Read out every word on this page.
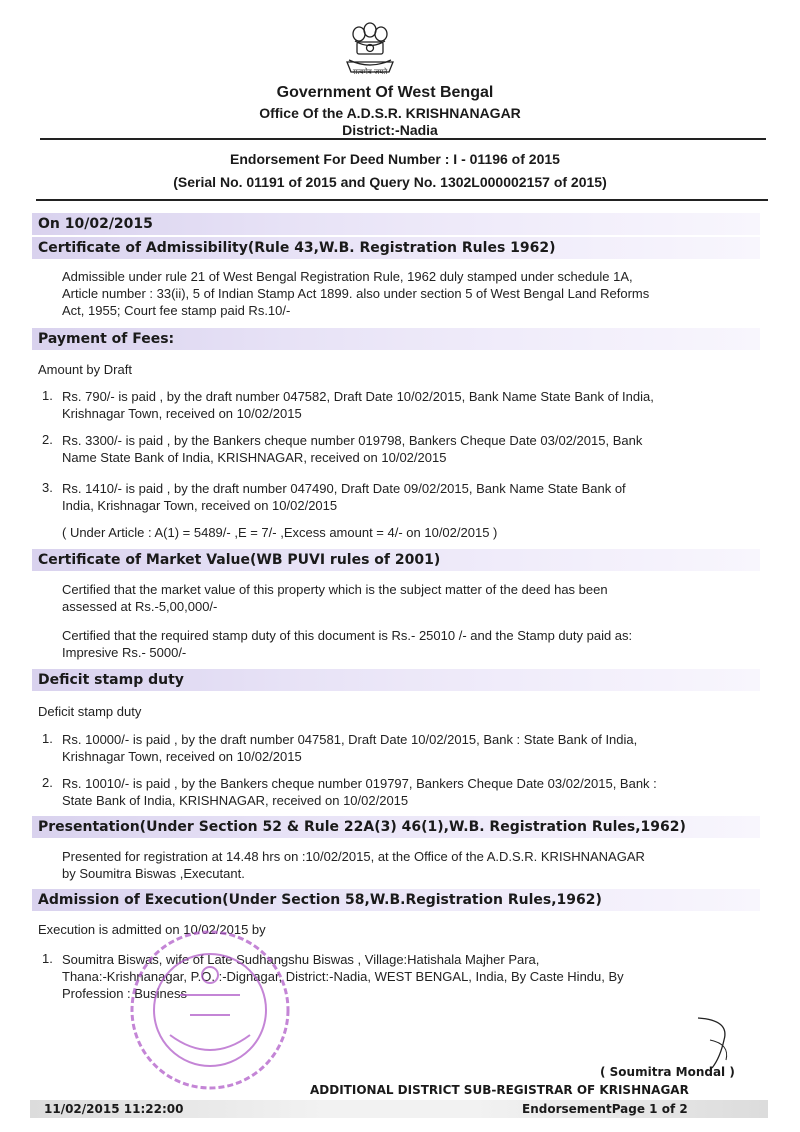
सत्यमेव जयते
Government Of West Bengal
Office Of the A.D.S.R. KRISHNANAGAR
District:-Nadia
Endorsement For Deed Number : I - 01196 of 2015
(Serial No. 01191 of 2015 and Query No. 1302L000002157 of 2015)
On 10/02/2015
Certificate of Admissibility(Rule 43,W.B. Registration Rules 1962)
Admissible under rule 21 of West Bengal Registration Rule, 1962 duly stamped under schedule 1A,
Article number : 33(ii), 5 of Indian Stamp Act 1899. also under section 5 of West Bengal Land Reforms
Act, 1955; Court fee stamp paid Rs.10/-
Payment of Fees:
Amount by Draft
1. Rs. 790/- is paid , by the draft number 047582, Draft Date 10/02/2015, Bank Name State Bank of India,
Krishnagar Town, received on 10/02/2015
2. Rs. 3300/- is paid , by the Bankers cheque number 019798, Bankers Cheque Date 03/02/2015, Bank
Name State Bank of India, KRISHNAGAR, received on 10/02/2015
3. Rs. 1410/- is paid , by the draft number 047490, Draft Date 09/02/2015, Bank Name State Bank of
India, Krishnagar Town, received on 10/02/2015
( Under Article : A(1) = 5489/- ,E = 7/- ,Excess amount = 4/- on 10/02/2015 )
Certificate of Market Value(WB PUVI rules of 2001)
Certified that the market value of this property which is the subject matter of the deed has been
assessed at Rs.-5,00,000/-
Certified that the required stamp duty of this document is Rs.- 25010 /- and the Stamp duty paid as:
Impresive Rs.- 5000/-
Deficit stamp duty
Deficit stamp duty
1. Rs. 10000/- is paid , by the draft number 047581, Draft Date 10/02/2015, Bank : State Bank of India,
Krishnagar Town, received on 10/02/2015
2. Rs. 10010/- is paid , by the Bankers cheque number 019797, Bankers Cheque Date 03/02/2015, Bank :
State Bank of India, KRISHNAGAR, received on 10/02/2015
Presentation(Under Section 52 & Rule 22A(3) 46(1),W.B. Registration Rules,1962)
Presented for registration at 14.48 hrs on :10/02/2015, at the Office of the A.D.S.R. KRISHNANAGAR
by Soumitra Biswas ,Executant.
Admission of Execution(Under Section 58,W.B.Registration Rules,1962)
Execution is admitted on 10/02/2015 by
1. Soumitra Biswas, wife of Late Sudhangshu Biswas , Village:Hatishala Majher Para,
Thana:-Krishnanagar, P.O. :-Dignagar, District:-Nadia, WEST BENGAL, India, By Caste Hindu, By
Profession : Business
( Soumitra Mondal )
ADDITIONAL DISTRICT SUB-REGISTRAR OF KRISHNAGAR
11/02/2015 11:22:00	EndorsementPage 1 of 2
